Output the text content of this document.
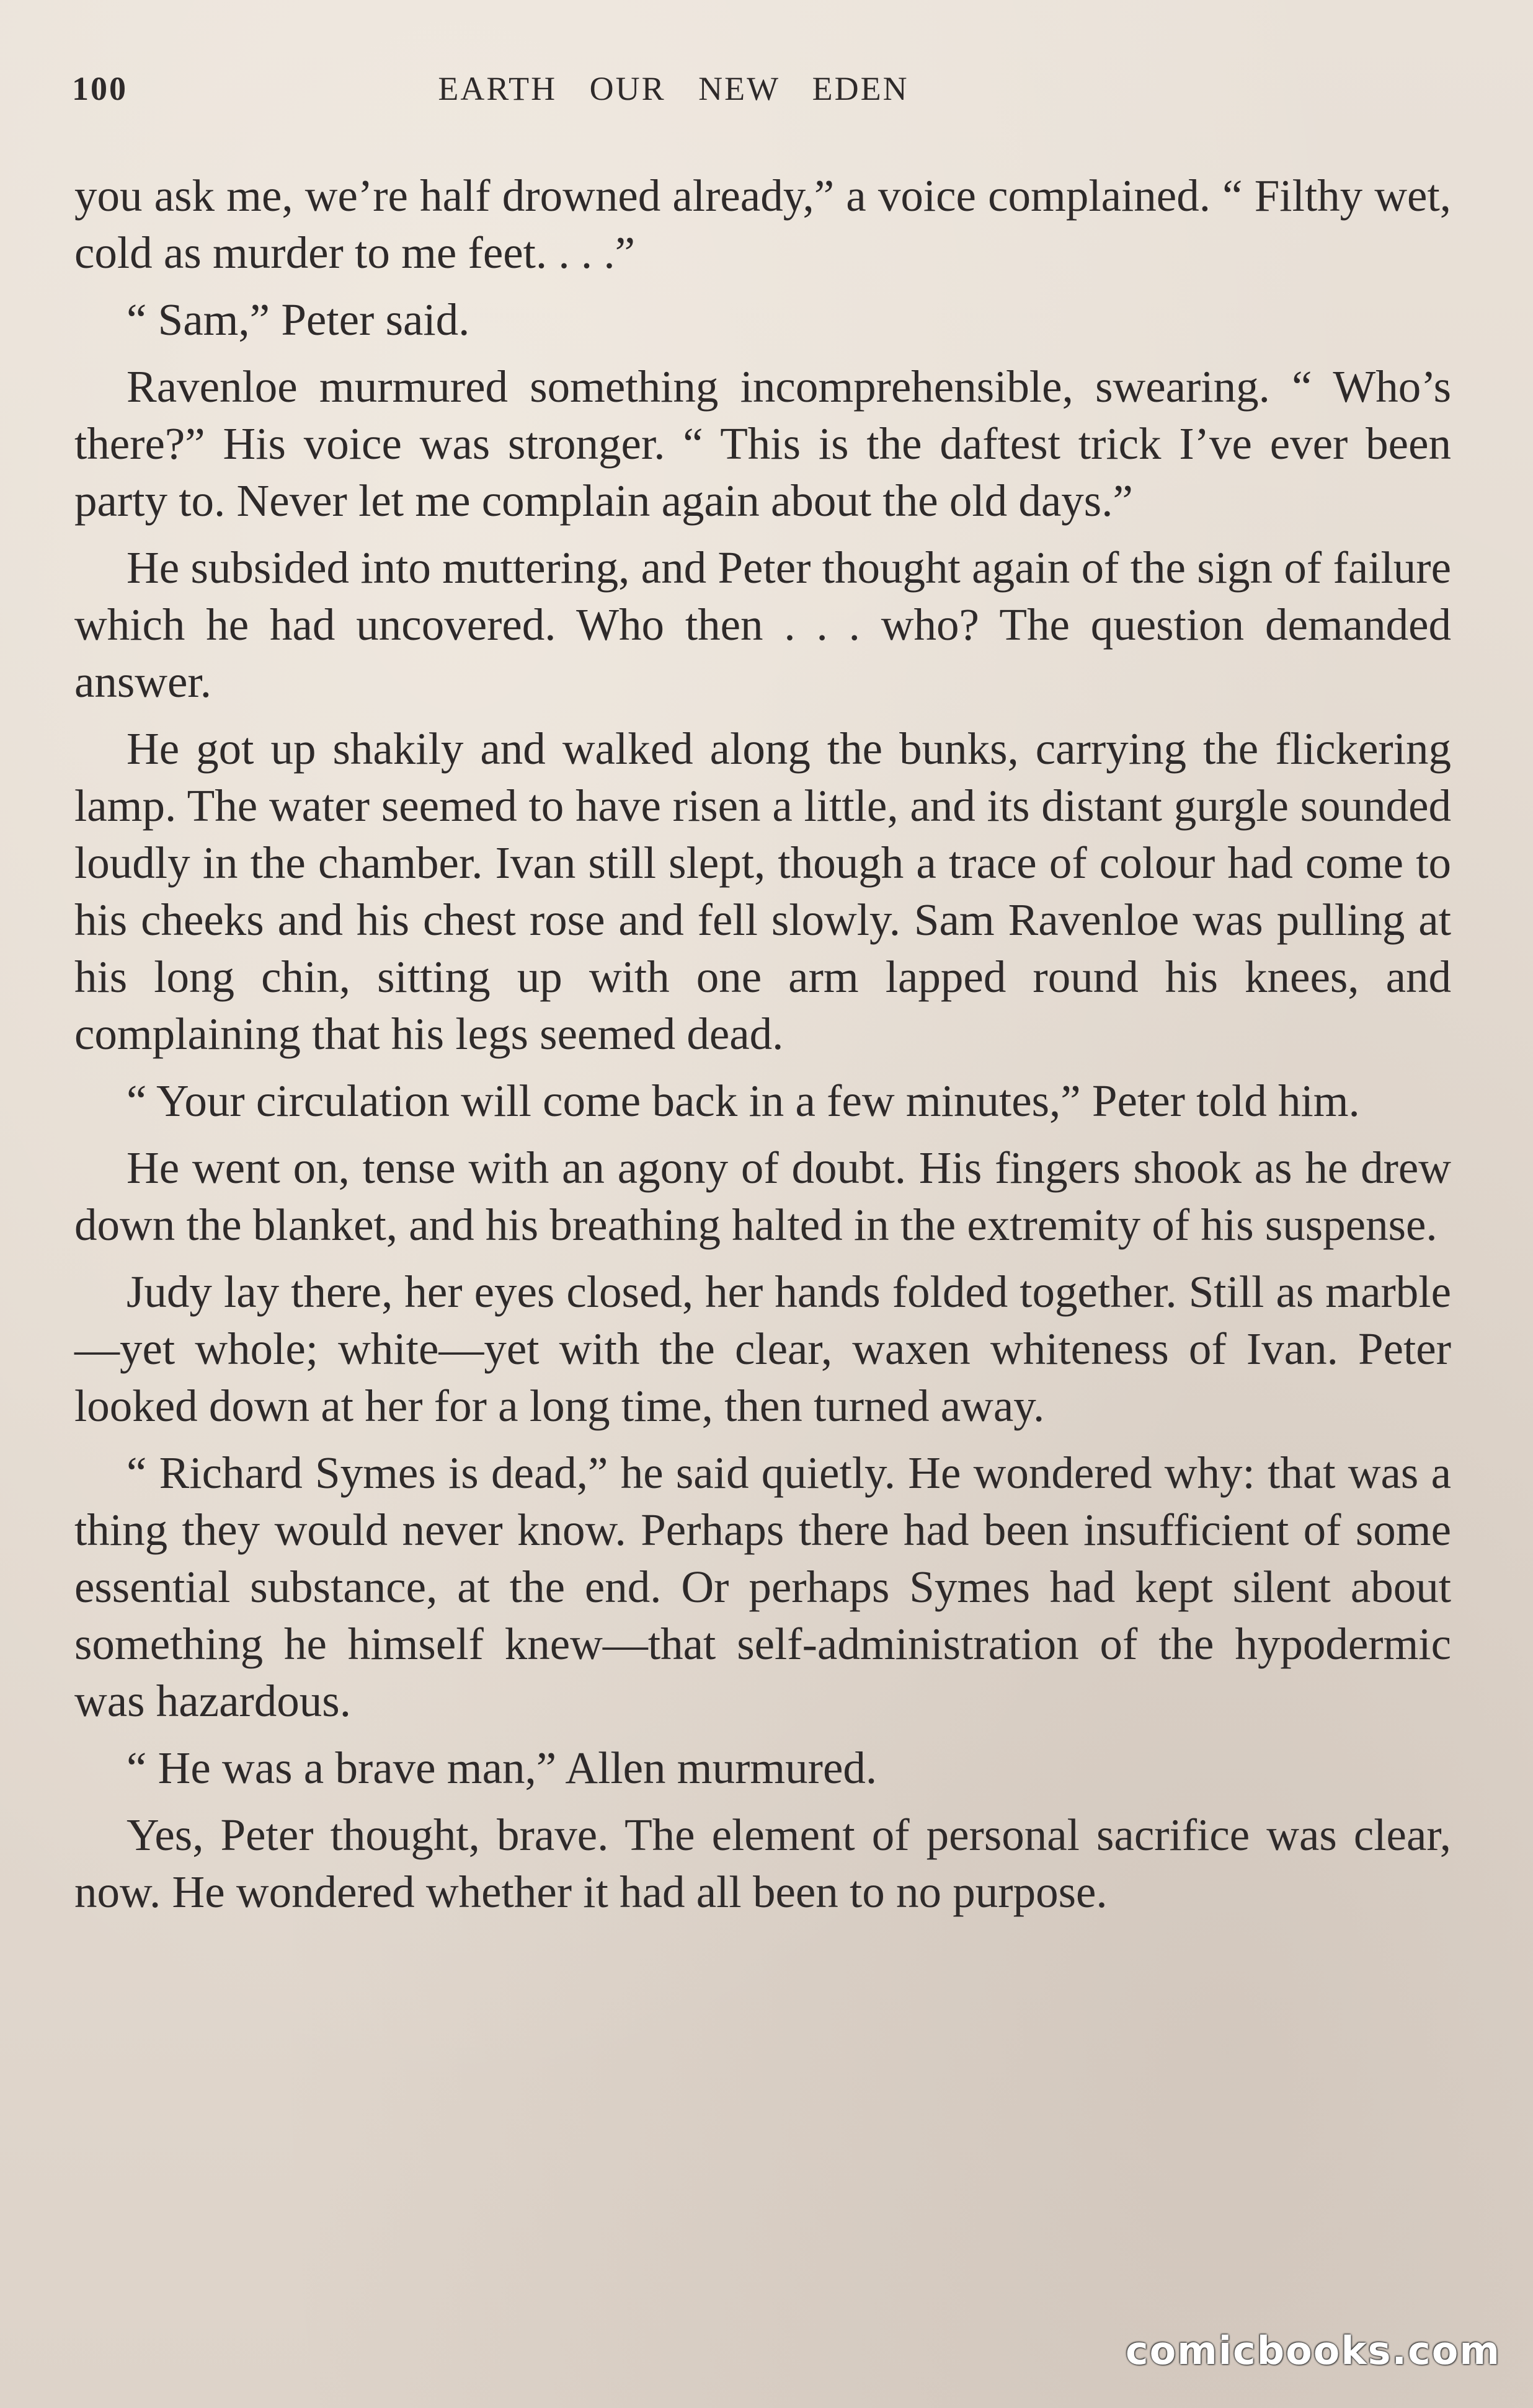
100	EARTH OUR NEW EDEN

you ask me, we’re half drowned already,” a voice complained. “ Filthy wet, cold as murder to me feet. . . .”

“ Sam,” Peter said.

Ravenloe murmured something incomprehensible, swearing. “ Who’s there?” His voice was stronger. “ This is the daftest trick I’ve ever been party to. Never let me complain again about the old days.”

He subsided into muttering, and Peter thought again of the sign of failure which he had uncovered. Who then . . . who? The question demanded answer.

He got up shakily and walked along the bunks, carrying the flickering lamp. The water seemed to have risen a little, and its distant gurgle sounded loudly in the chamber. Ivan still slept, though a trace of colour had come to his cheeks and his chest rose and fell slowly. Sam Ravenloe was pulling at his long chin, sitting up with one arm lapped round his knees, and complaining that his legs seemed dead.

“ Your circulation will come back in a few minutes,” Peter told him.

He went on, tense with an agony of doubt. His fingers shook as he drew down the blanket, and his breathing halted in the extremity of his suspense.

Judy lay there, her eyes closed, her hands folded together. Still as marble—yet whole; white—yet with the clear, waxen whiteness of Ivan. Peter looked down at her for a long time, then turned away.

“ Richard Symes is dead,” he said quietly. He wondered why: that was a thing they would never know. Perhaps there had been insufficient of some essential substance, at the end. Or perhaps Symes had kept silent about something he himself knew—that self-administration of the hypodermic was hazardous.

“ He was a brave man,” Allen murmured.

Yes, Peter thought, brave. The element of personal sacrifice was clear, now. He wondered whether it had all been to no purpose.

comicbooks.com
